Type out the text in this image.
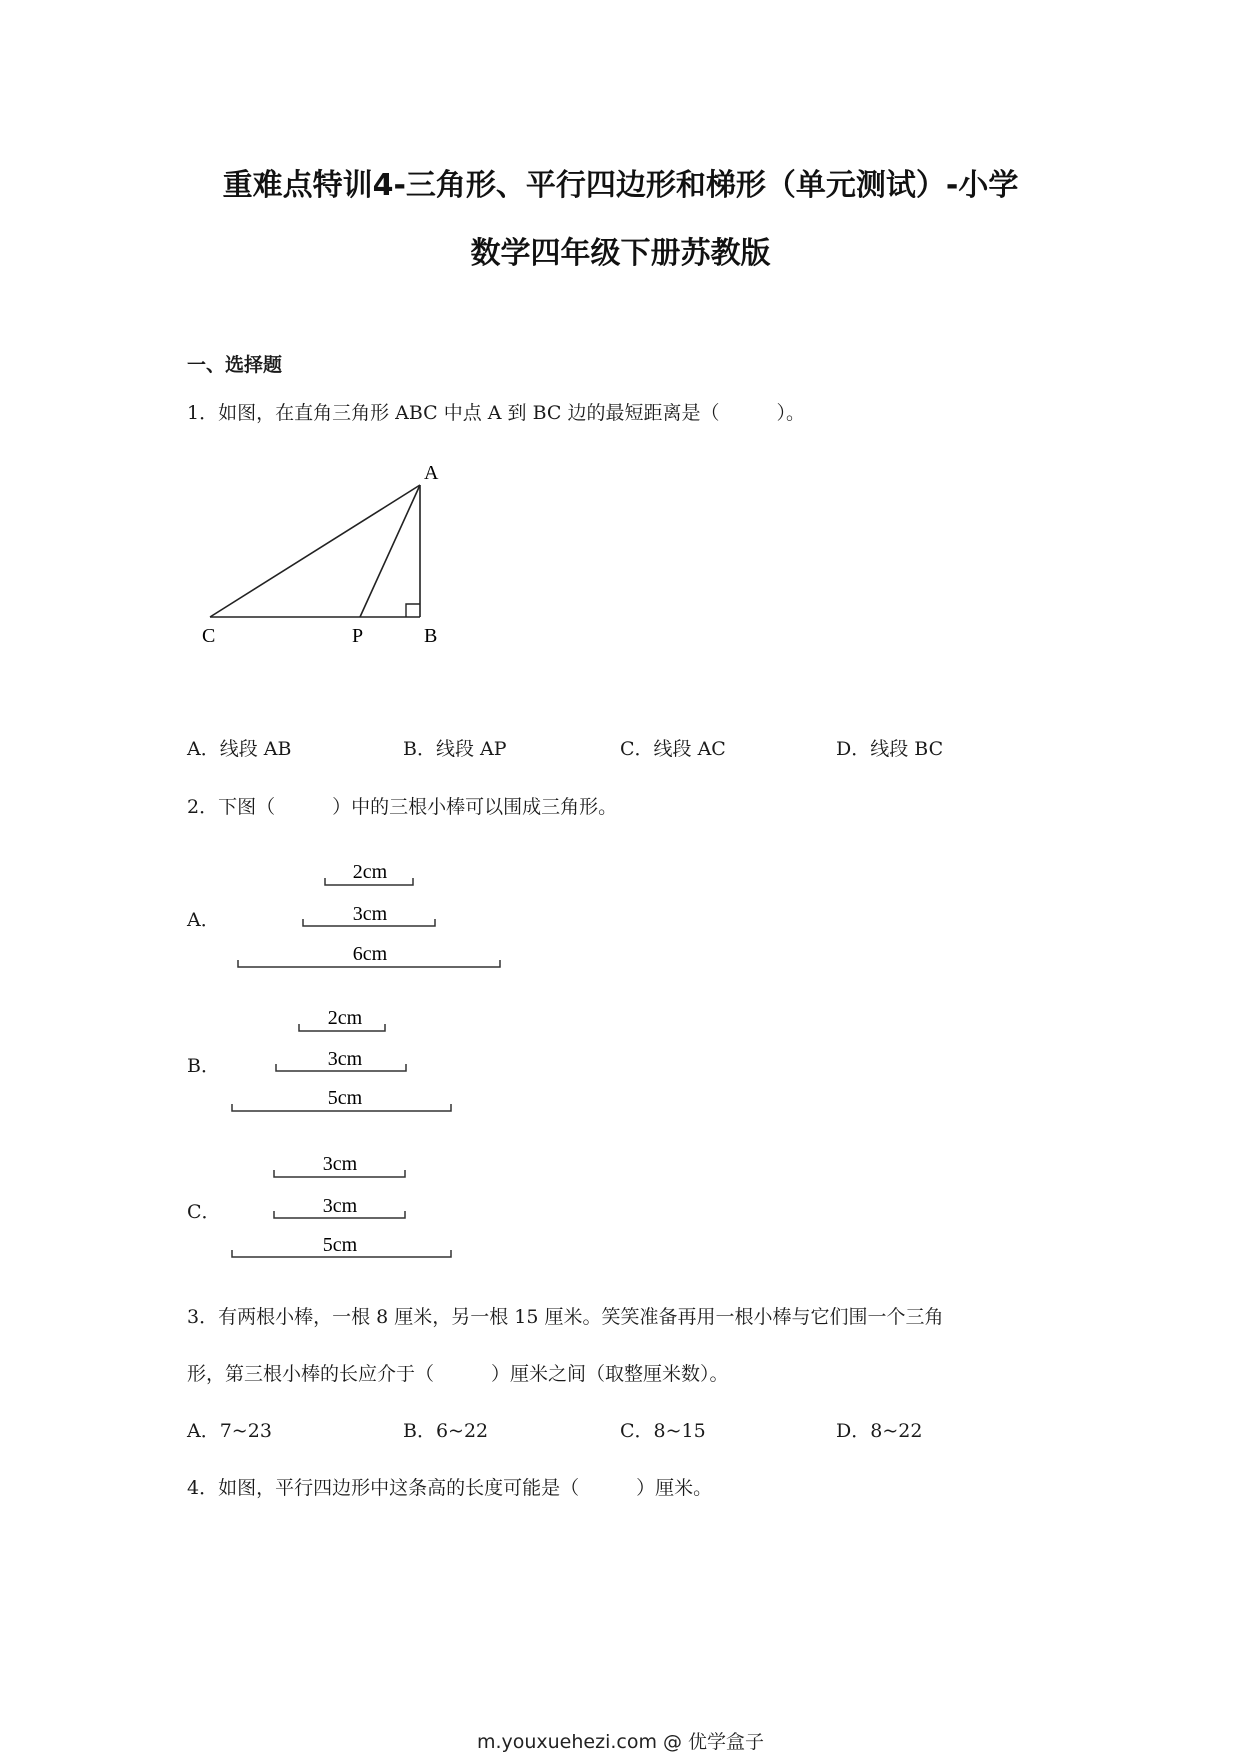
重难点特训4-三角形、平行四边形和梯形（单元测试）-小学
数学四年级下册苏教版
一、选择题
1．如图，在直角三角形 ABC 中点 A 到 BC 边的最短距离是（　　　）。
A
C	P	B
A．线段 AB	B．线段 AP	C．线段 AC	D．线段 BC
2．下图（　　　）中的三根小棒可以围成三角形。
A．
2cm
3cm
6cm
B．
2cm
3cm
5cm
C．
3cm
3cm
5cm
3．有两根小棒，一根 8 厘米，另一根 15 厘米。笑笑准备再用一根小棒与它们围一个三角
形，第三根小棒的长应介于（　　　）厘米之间（取整厘米数）。
A．7~23	B．6~22	C．8~15	D．8~22
4．如图，平行四边形中这条高的长度可能是（　　　）厘米。
m.youxuehezi.com @ 优学盒子
